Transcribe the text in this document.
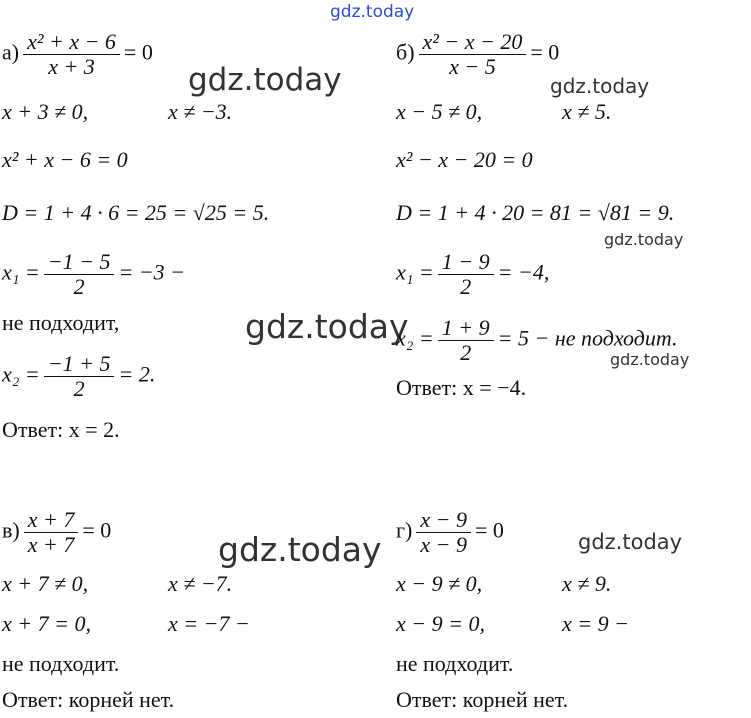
gdz.today
gdz.today	gdz.today
gdz.today
gdz.today
gdz.today
gdz.today	gdz.today
$а) \frac{\text{x² + x − 6}}{x + 3} = 0$
x + 3 ≠ 0,	x ≠ −3.
x² + x − 6 = 0
D = 1 + 4 · 6 = 25 = √25 = 5.
$x_1 = \frac{-1 - 5}{2} = -3$ −
не подходит,
$x_2 = \frac{-1 + 5}{2} = 2$.
Ответ: x = 2.
$б) \frac{\text{x² − x − 20}}{x - 5} = 0$
x − 5 ≠ 0,	x ≠ 5.
x² − x − 20 = 0
D = 1 + 4 · 20 = 81 = √81 = 9.
$x_1 = \frac{1 - 9}{2} = -4$,
$x_2 = \frac{1 + 9}{2} = 5$ − не подходит.
Ответ: x = −4.
$в) \frac{x + 7}{x + 7} = 0$
x + 7 ≠ 0,	x ≠ −7.
x + 7 = 0,	x = −7 −
не подходит.
Ответ: корней нет.
$г) \frac{x - 9}{x - 9} = 0$
x − 9 ≠ 0,	x ≠ 9.
x − 9 = 0,	x = 9 −
не подходит.
Ответ: корней нет.
